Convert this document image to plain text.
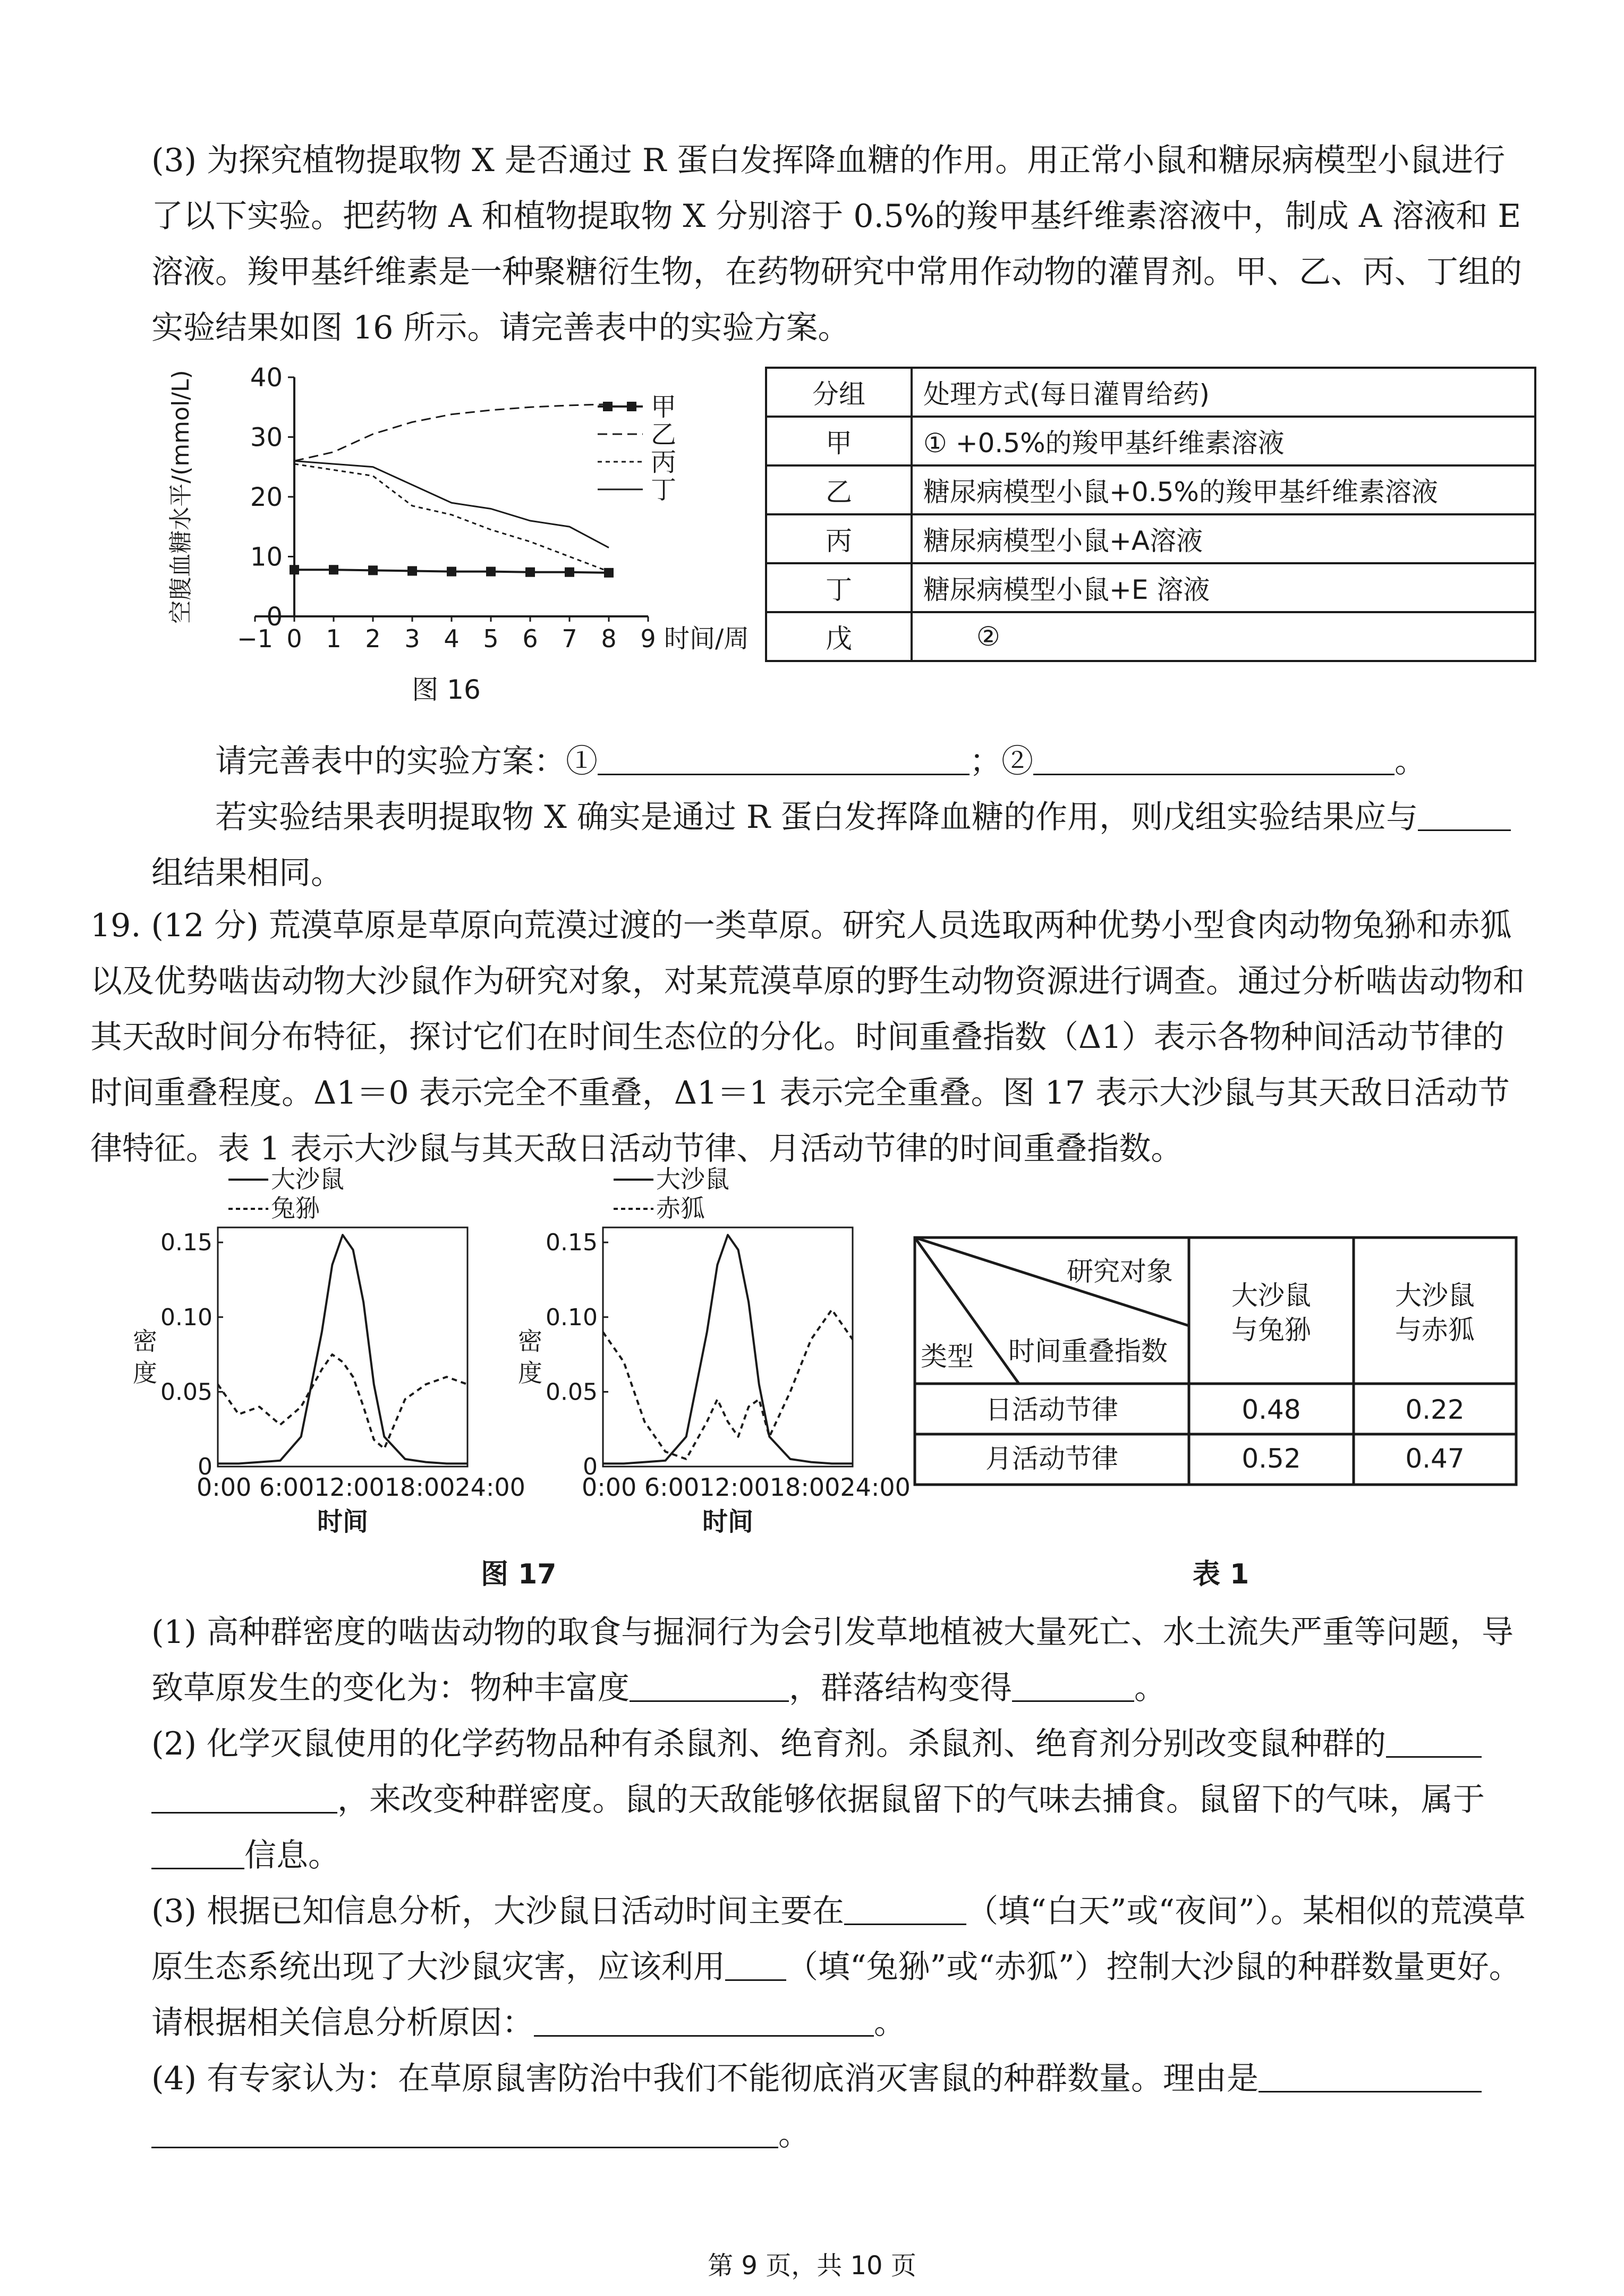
(3) 为探究植物提取物 X 是否通过 R 蛋白发挥降血糖的作用。用正常小鼠和糖尿病模型小鼠进行了以下实验。把药物 A 和植物提取物 X 分别溶于 0.5%的羧甲基纤维素溶液中，制成 A 溶液和 E 溶液。羧甲基纤维素是一种聚糖衍生物，在药物研究中常用作动物的灌胃剂。甲、乙、丙、丁组的实验结果如图 16 所示。请完善表中的实验方案。
0
10
20
30
40
−1 0 1 2 3 4 5 6 7 8 9 时间/周
空腹血糖水平/(mmol/L)	甲
乙
丙
丁
图 16
分组	处理方式(每日灌胃给药)
甲	① +0.5%的羧甲基纤维素溶液
乙	糖尿病模型小鼠+0.5%的羧甲基纤维素溶液
丙	糖尿病模型小鼠+A溶液
丁	糖尿病模型小鼠+E 溶液
戊	②
请完善表中的实验方案：①	；②	。
若实验结果表明提取物 X 确实是通过 R 蛋白发挥降血糖的作用，则戊组实验结果应与
组结果相同。
19. (12 分) 荒漠草原是草原向荒漠过渡的一类草原。研究人员选取两种优势小型食肉动物兔狲和赤狐以及优势啮齿动物大沙鼠作为研究对象，对某荒漠草原的野生动物资源进行调查。通过分析啮齿动物和其天敌时间分布特征，探讨它们在时间生态位的分化。时间重叠指数（Δ1）表示各物种间活动节律的时间重叠程度。Δ1＝0 表示完全不重叠，Δ1＝1 表示完全重叠。图 17 表示大沙鼠与其天敌日活动节律特征。表 1 表示大沙鼠与其天敌日活动节律、月活动节律的时间重叠指数。
0.15
0.10
0.05
0
密
度
0:00 6:0012:0018:0024:00
时间
大沙鼠
兔狲
0.15
0.10
0.05
0
密
度
0:00 6:0012:0018:0024:00
时间
大沙鼠
赤狐
图 17
研究对象
时间重叠指数
类型
大沙鼠
与兔狲
大沙鼠
与赤狐
日活动节律	0.48	0.22
月活动节律	0.52	0.47
表 1
(1) 高种群密度的啮齿动物的取食与掘洞行为会引发草地植被大量死亡、水土流失严重等问题，导致草原发生的变化为：物种丰富度	，群落结构变得	。
(2) 化学灭鼠使用的化学药物品种有杀鼠剂、绝育剂。杀鼠剂、绝育剂分别改变鼠种群的，来改变种群密度。鼠的天敌能够依据鼠留下的气味去捕食。鼠留下的气味，属于信息。
(3) 根据已知信息分析，大沙鼠日活动时间主要在	（填“白天”或“夜间”）。某相似的荒漠草原生态系统出现了大沙鼠灾害，应该利用 （填“兔狲”或“赤狐”）控制大沙鼠的种群数量更好。请根据相关信息分析原因：	。
(4) 有专家认为：在草原鼠害防治中我们不能彻底消灭害鼠的种群数量。理由是。
第 9 页，共 10 页
